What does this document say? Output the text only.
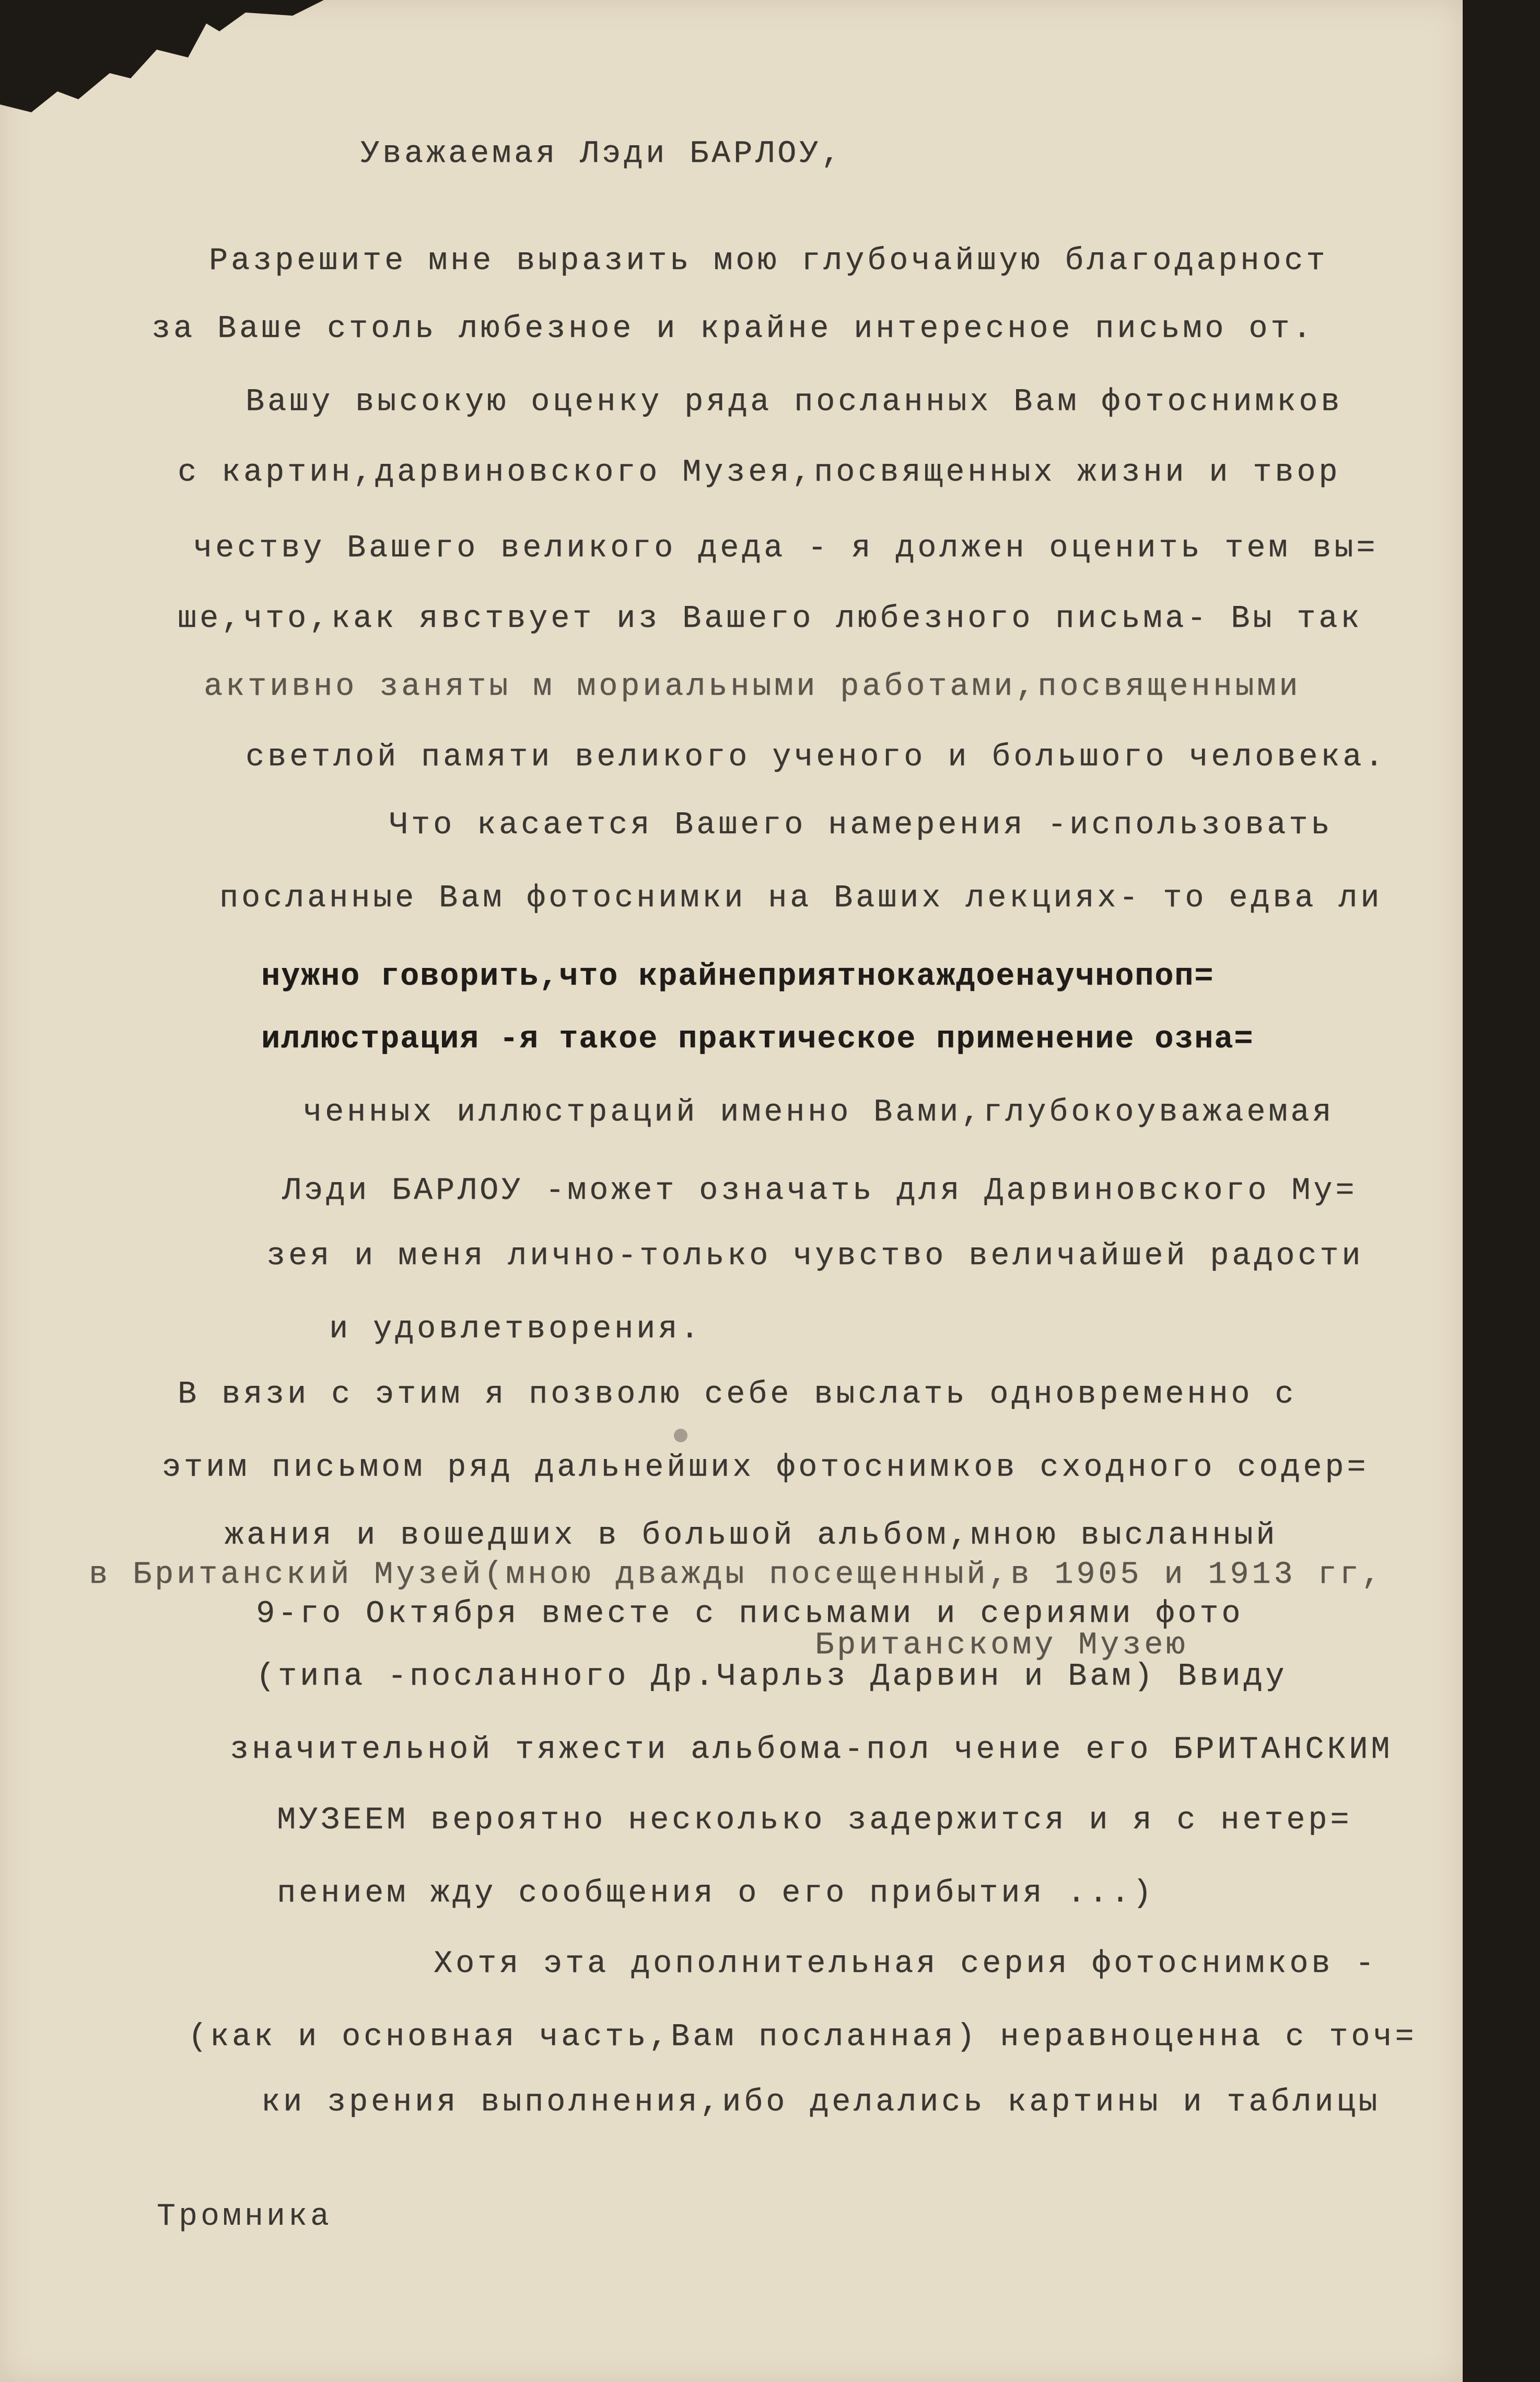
Уважаемая Лэди БАРЛОУ,
Разрешите мне выразить мою глубочайшую благодарност
за Ваше столь любезное и крайне интересное письмо от.
Вашу высокую оценку ряда посланных Вам фотоснимков
с картин,дарвиновского Музея,посвященных жизни и твор
честву Вашего великого деда - я должен оценить тем вы=
ше,что,как явствует из Вашего любезного письма- Вы так
активно заняты м мориальными работами,посвященными
светлой памяти великого ученого и большого человека.
Что касается Вашего намерения -использовать
посланные Вам фотоснимки на Ваших лекциях- то едва ли
нужно говорить,что крайнеприятнокаждоенаучнопоп=
иллюстрация -я такое практическое применение озна=
ченных иллюстраций именно Вами,глубокоуважаемая
Лэди БАРЛОУ -может означать для Дарвиновского Му=
зея и меня лично-только чувство величайшей радости
и удовлетворения.
В вязи с этим я позволю себе выслать одновременно с
этим письмом ряд дальнейших фотоснимков сходного содер=
жания и вошедших в большой альбом,мною высланный
в Британский Музей(мною дважды посещенный,в 1905 и 1913 гг,
9-го Октября вместе с письмами и сериями фото
Британскому Музею
(типа -посланного Др.Чарльз Дарвин и Вам) Ввиду
значительной тяжести альбома-пол чение его БРИТАНСКИМ
МУЗЕЕМ вероятно несколько задержится и я с нетер=
пением жду сообщения о его прибытия ...)
Хотя эта дополнительная серия фотоснимков -
(как и основная часть,Вам посланная) неравноценна с точ=
ки зрения выполнения,ибо делались картины и таблицы
Тромника
